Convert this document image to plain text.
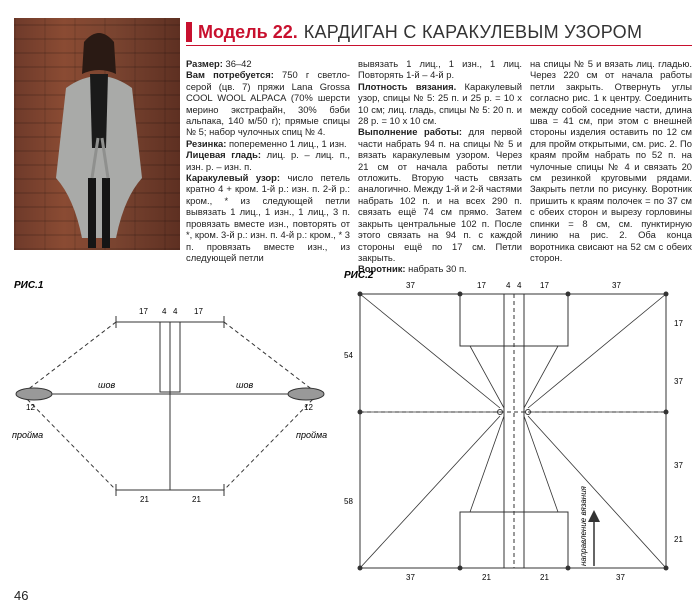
Модель 22. КАРДИГАН С КАРАКУЛЕВЫМ УЗОРОМ

Размер: 36–42

Вам потребуется: 750 г светло-серой (цв. 7) пряжи Lana Grossa COOL WOOL ALPACA (70% шерсти мерино экстрафайн, 30% бэби альпака, 140 м/50 г); прямые спицы № 5; набор чулочных спиц № 4.

Резинка: попеременно 1 лиц., 1 изн.

Лицевая гладь: лиц. р. – лиц. п., изн. р. – изн. п.

Каракулевый узор: число петель кратно 4 + кром. 1-й р.: изн. п. 2-й р.: кром., * из следующей петли вывязать 1 лиц., 1 изн., 1 лиц., 3 п. провязать вместе изн., повторять от *, кром. 3-й р.: изн. п. 4-й р.: кром., * 3 п. провязать вместе изн., из следующей петли

вывязать 1 лиц., 1 изн., 1 лиц. Повторять 1-й – 4-й р.

Плотность вязания. Каракулевый узор, спицы № 5: 25 п. и 25 р. = 10 х 10 см; лиц. гладь, спицы № 5: 20 п. и 28 р. = 10 х 10 см.

Выполнение работы: для первой части набрать 94 п. на спицы № 5 и вязать каракулевым узором. Через 21 см от начала работы петли отложить. Вторую часть связать аналогично. Между 1-й и 2-й частями набрать 102 п. и на всех 290 п. связать ещё 74 см прямо. Затем закрыть центральные 102 п. После этого связать на 94 п. с каждой стороны ещё по 17 см. Петли закрыть.

Воротник: набрать 30 п.

на спицы № 5 и вязать лиц. гладью. Через 220 см от начала работы петли закрыть. Отвернуть углы согласно рис. 1 к центру. Соединить между собой соседние части, длина шва = 41 см, при этом с внешней стороны изделия оставить по 12 см для пройм открытыми, см. рис. 2. По краям пройм набрать по 52 п. на чулочные спицы № 4 и связать 20 см резинкой круговыми рядами. Закрыть петли по рисунку. Воротник пришить к краям полочек = по 37 см с обеих сторон и вырезу горловины спинки = 8 см, см. пунктирную линию на рис. 2. Оба конца воротника свисают на 52 см с обеих сторон.

РИС.1
17 4 4 17
шов	шов
12	12
пройма	пройма
21	21
РИС.2
направление вязания
37	17	4 4 17	37
54
58
17
37
37
21
37	21	21	37
46
